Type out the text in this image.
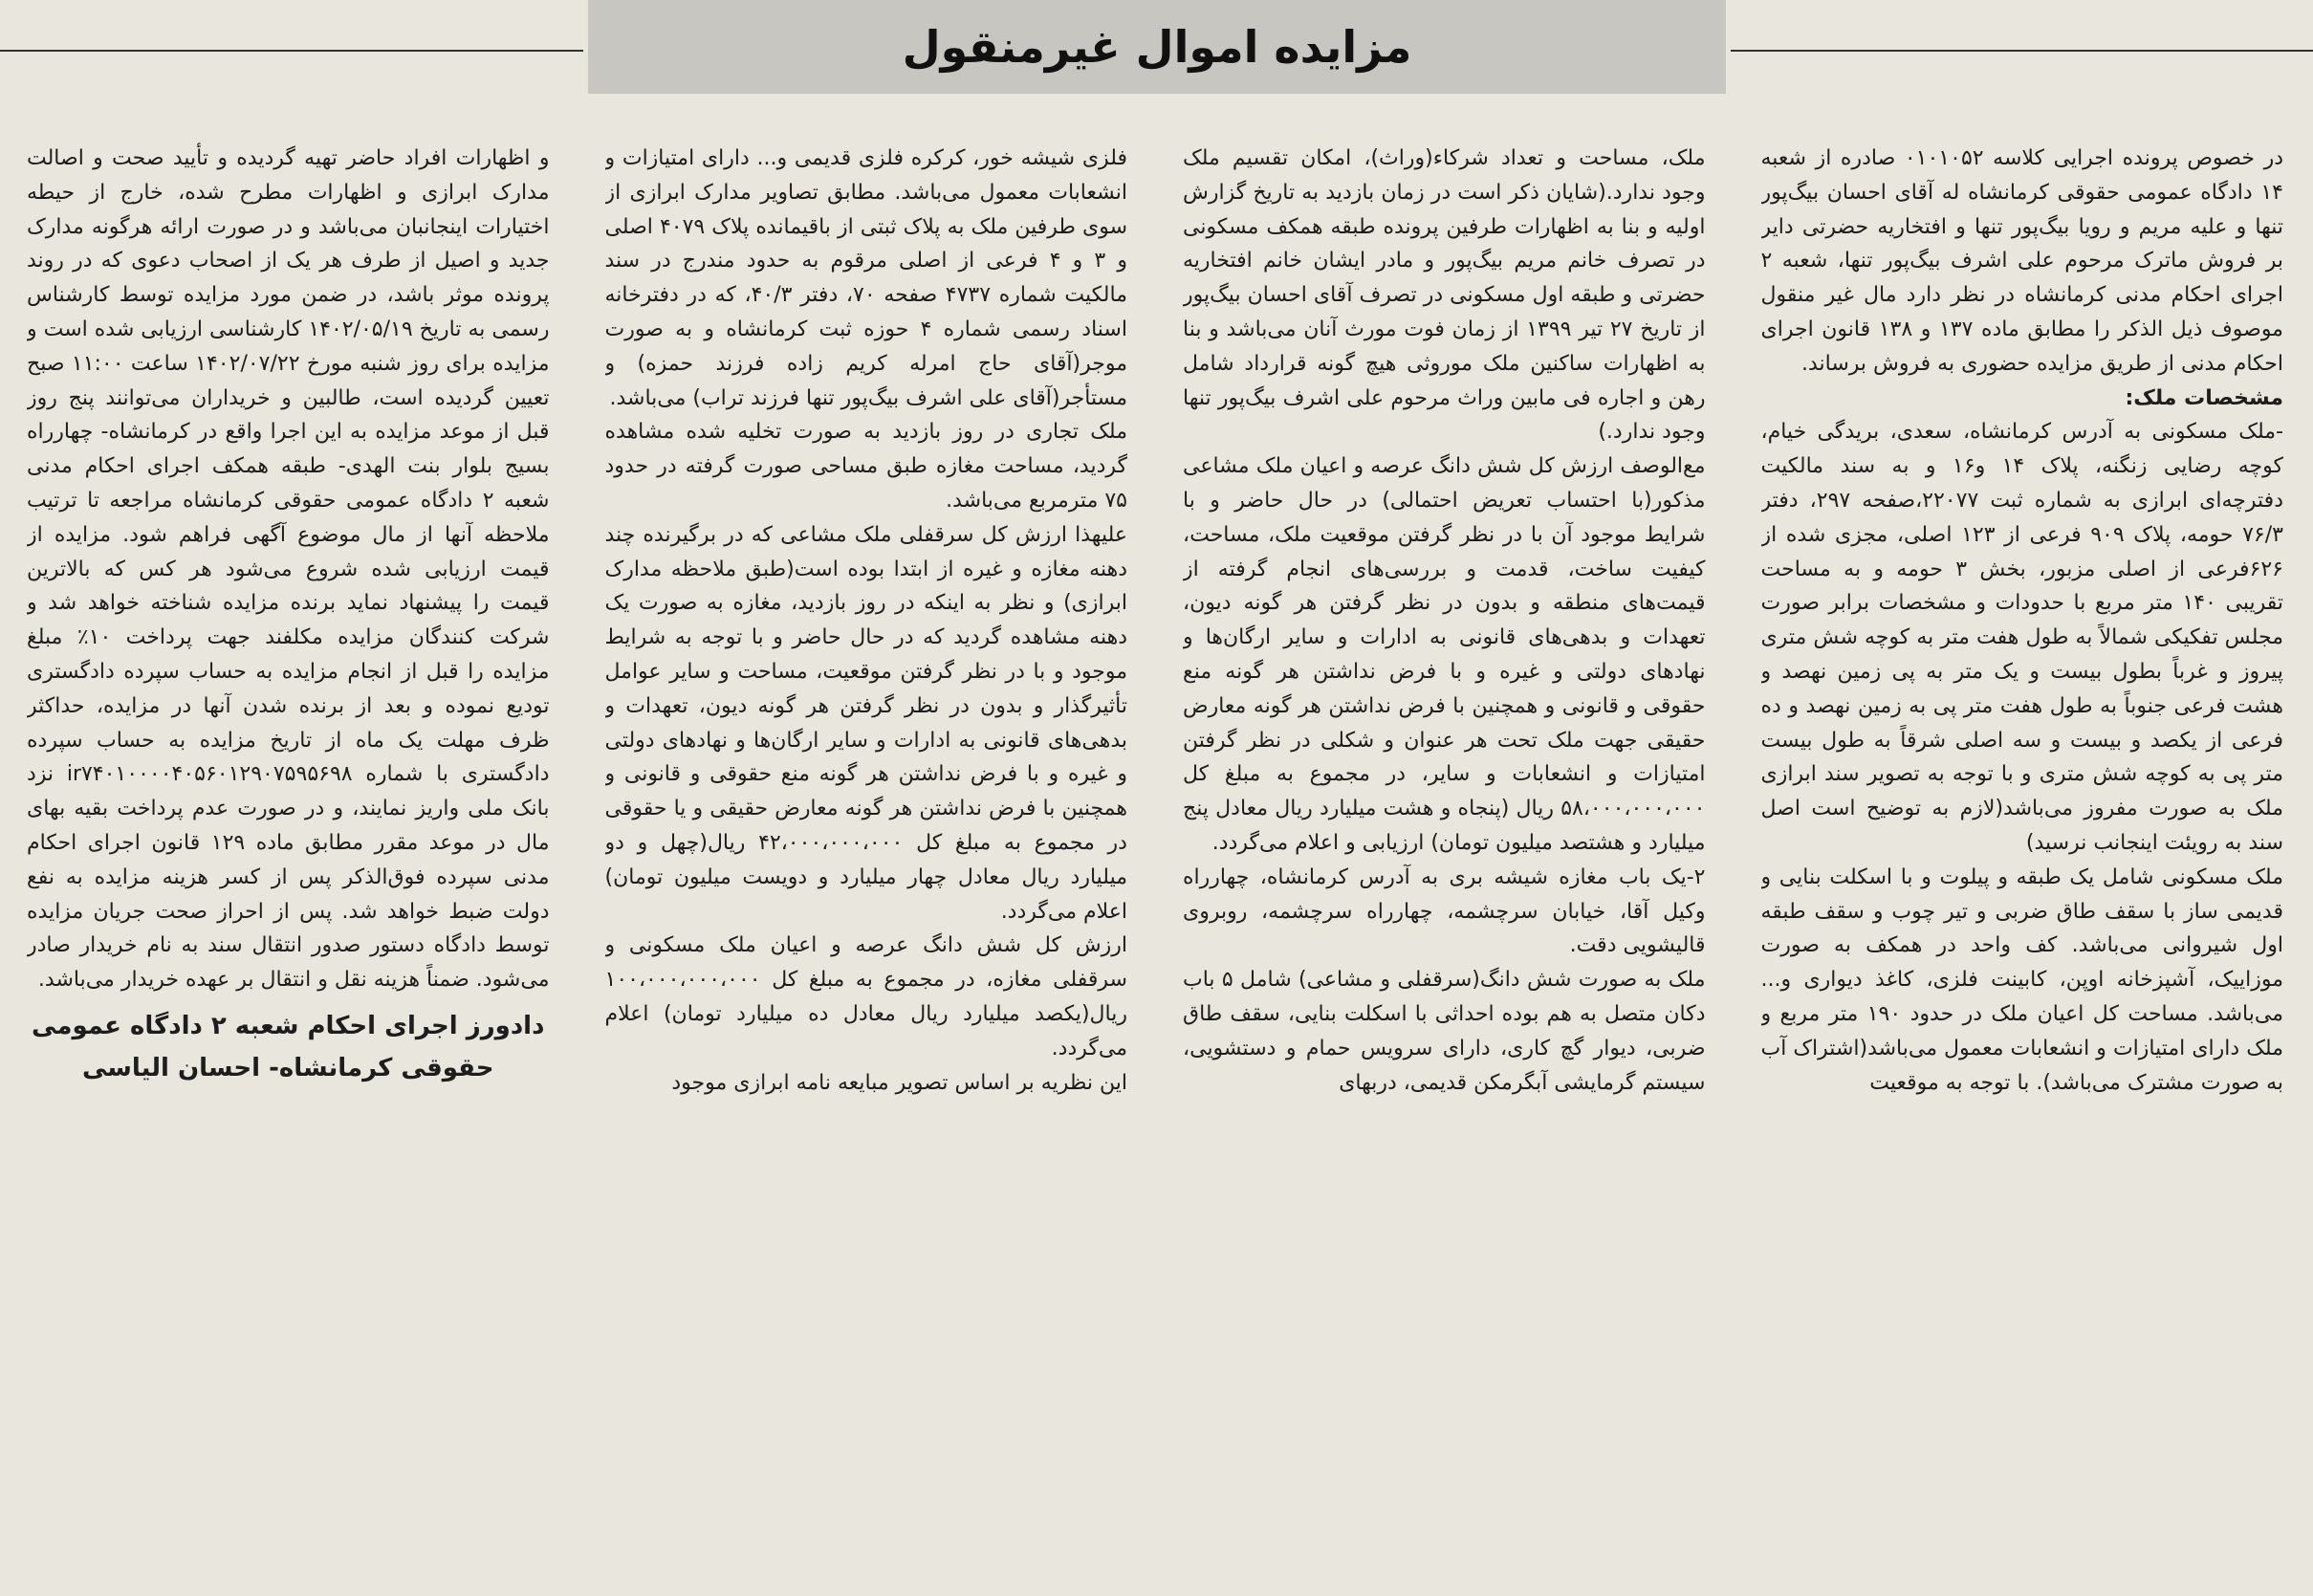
مزایده اموال غیرمنقول

در خصوص پرونده اجرایی کلاسه ۰۱۰۱۰۵۲ صادره از شعبه ۱۴ دادگاه عمومی حقوقی کرمانشاه له آقای احسان بیگ‌پور تنها و علیه مریم و رویا بیگ‌پور تنها و افتخاریه حضرتی دایر بر فروش ماترک مرحوم علی اشرف بیگ‌پور تنها، شعبه ۲ اجرای احکام مدنی کرمانشاه در نظر دارد مال غیر منقول موصوف ذیل الذکر را مطابق ماده ۱۳۷ و ۱۳۸ قانون اجرای احکام مدنی از طریق مزایده حضوری به فروش برساند.

مشخصات ملک:

-ملک مسکونی به آدرس کرمانشاه، سعدی، بریدگی خیام، کوچه رضایی زنگنه، پلاک ۱۴ و۱۶ و به سند مالکیت دفترچه‌ای ابرازی به شماره ثبت ۲۲۰۷۷،صفحه ۲۹۷، دفتر ۷۶/۳ حومه، پلاک ۹۰۹ فرعی از ۱۲۳ اصلی، مجزی شده از ۶۲۶فرعی از اصلی مزبور، بخش ۳ حومه و به مساحت تقریبی ۱۴۰ متر مربع با حدودات و مشخصات برابر صورت مجلس تفکیکی شمالاً به طول هفت متر به کوچه شش متری پیروز و غرباً بطول بیست و یک متر به پی زمین نهصد و هشت فرعی جنوباً به طول هفت متر پی به زمین نهصد و ده فرعی از یکصد و بیست و سه اصلی شرقاً به طول بیست متر پی به کوچه شش متری و با توجه به تصویر سند ابرازی ملک به صورت مفروز می‌باشد(لازم به توضیح است اصل سند به رویئت اینجانب نرسید)

ملک مسکونی شامل یک طبقه و پیلوت و با اسکلت بنایی و قدیمی ساز با سقف طاق ضربی و تیر چوب و سقف طبقه اول شیروانی می‌باشد. کف واحد در همکف به صورت موزاییک، آشپزخانه اوپن، کابینت فلزی، کاغذ دیواری و... می‌باشد. مساحت کل اعیان ملک در حدود ۱۹۰ متر مربع و ملک دارای امتیازات و انشعابات معمول می‌باشد(اشتراک آب به صورت مشترک می‌باشد). با توجه به موقعیت

ملک، مساحت و تعداد شرکاء(وراث)، امکان تقسیم ملک وجود ندارد.(شایان ذکر است در زمان بازدید به تاریخ گزارش اولیه و بنا به اظهارات طرفین پرونده طبقه همکف مسکونی در تصرف خانم مریم بیگ‌پور و مادر ایشان خانم افتخاریه حضرتی و طبقه اول مسکونی در تصرف آقای احسان بیگ‌پور از تاریخ ۲۷ تیر ۱۳۹۹ از زمان فوت مورث آنان می‌باشد و بنا به اظهارات ساکنین ملک موروثی هیچ گونه قرارداد شامل رهن و اجاره فی مابین وراث مرحوم علی اشرف بیگ‌پور تنها وجود ندارد.)

مع‌الوصف ارزش کل شش دانگ عرصه و اعیان ملک مشاعی مذکور(با احتساب تعریض احتمالی) در حال حاضر و با شرایط موجود آن با در نظر گرفتن موقعیت ملک، مساحت، کیفیت ساخت، قدمت و بررسی‌های انجام گرفته از قیمت‌های منطقه و بدون در نظر گرفتن هر گونه دیون، تعهدات و بدهی‌های قانونی به ادارات و سایر ارگان‌ها و نهادهای دولتی و غیره و با فرض نداشتن هر گونه منع حقوقی و قانونی و همچنین با فرض نداشتن هر گونه معارض حقیقی جهت ملک تحت هر عنوان و شکلی در نظر گرفتن امتیازات و انشعابات و سایر، در مجموع به مبلغ کل ۵۸،۰۰۰،۰۰۰،۰۰۰ ریال (پنجاه و هشت میلیارد ریال معادل پنج میلیارد و هشتصد میلیون تومان) ارزیابی و اعلام می‌گردد.

۲-یک باب مغازه شیشه بری به آدرس کرمانشاه، چهارراه وکیل آقا، خیابان سرچشمه، چهارراه سرچشمه، روبروی قالیشویی دقت.

ملک به صورت شش دانگ(سرقفلی و مشاعی) شامل ۵ باب دکان متصل به هم بوده احداثی با اسکلت بنایی، سقف طاق ضربی، دیوار گچ کاری، دارای سرویس حمام و دستشویی، سیستم گرمایشی آبگرمکن قدیمی، دربهای

فلزی شیشه خور، کرکره فلزی قدیمی و... دارای امتیازات و انشعابات معمول می‌باشد. مطابق تصاویر مدارک ابرازی از سوی طرفین ملک به پلاک ثبتی از باقیمانده پلاک ۴۰۷۹ اصلی و ۳ و ۴ فرعی از اصلی مرقوم به حدود مندرج در سند مالکیت شماره ۴۷۳۷ صفحه ۷۰، دفتر ۴۰/۳، که در دفترخانه اسناد رسمی شماره ۴ حوزه ثبت کرمانشاه و به صورت موجر(آقای حاج امرله کریم زاده فرزند حمزه) و مستأجر(آقای علی اشرف بیگ‌پور تنها فرزند تراب) می‌باشد.

ملک تجاری در روز بازدید به صورت تخلیه شده مشاهده گردید، مساحت مغازه طبق مساحی صورت گرفته در حدود ۷۵ مترمربع می‌باشد.

علیهذا ارزش کل سرقفلی ملک مشاعی که در برگیرنده چند دهنه مغازه و غیره از ابتدا بوده است(طبق ملاحظه مدارک ابرازی) و نظر به اینکه در روز بازدید، مغازه به صورت یک دهنه مشاهده گردید که در حال حاضر و با توجه به شرایط موجود و با در نظر گرفتن موقعیت، مساحت و سایر عوامل تأثیرگذار و بدون در نظر گرفتن هر گونه دیون، تعهدات و بدهی‌های قانونی به ادارات و سایر ارگان‌ها و نهادهای دولتی و غیره و با فرض نداشتن هر گونه منع حقوقی و قانونی و همچنین با فرض نداشتن هر گونه معارض حقیقی و یا حقوقی در مجموع به مبلغ کل ۴۲،۰۰۰،۰۰۰،۰۰۰ ریال(چهل و دو میلیارد ریال معادل چهار میلیارد و دویست میلیون تومان) اعلام می‌گردد.

ارزش کل شش دانگ عرصه و اعیان ملک مسکونی و سرقفلی مغازه، در مجموع به مبلغ کل ۱۰۰،۰۰۰،۰۰۰،۰۰۰ ریال(یکصد میلیارد ریال معادل ده میلیارد تومان) اعلام می‌گردد.

این نظریه بر اساس تصویر مبایعه نامه ابرازی موجود

و اظهارات افراد حاضر تهیه گردیده و تأیید صحت و اصالت مدارک ابرازی و اظهارات مطرح شده، خارج از حیطه اختیارات اینجانبان می‌باشد و در صورت ارائه هرگونه مدارک جدید و اصیل از طرف هر یک از اصحاب دعوی که در روند پرونده موثر باشد، در ضمن مورد مزایده توسط کارشناس رسمی به تاریخ ۱۴۰۲/۰۵/۱۹ کارشناسی ارزیابی شده است و مزایده برای روز شنبه مورخ ۱۴۰۲/۰۷/۲۲ ساعت ۱۱:۰۰ صبح تعیین گردیده است، طالبین و خریداران می‌توانند پنج روز قبل از موعد مزایده به این اجرا واقع در کرمانشاه- چهارراه بسیج بلوار بنت الهدی- طبقه همکف اجرای احکام مدنی شعبه ۲ دادگاه عمومی حقوقی کرمانشاه مراجعه تا ترتیب ملاحظه آنها از مال موضوع آگهی فراهم شود. مزایده از قیمت ارزیابی شده شروع می‌شود هر کس که بالاترین قیمت را پیشنهاد نماید برنده مزایده شناخته خواهد شد و شرکت کنندگان مزایده مکلفند جهت پرداخت ۱۰٪ مبلغ مزایده را قبل از انجام مزایده به حساب سپرده دادگستری تودیع نموده و بعد از برنده شدن آنها در مزایده، حداکثر ظرف مهلت یک ماه از تاریخ مزایده به حساب سپرده دادگستری با شماره ir۷۴۰۱۰۰۰۰۴۰۵۶۰۱۲۹۰۷۵۹۵۶۹۸ نزد بانک ملی واریز نمایند، و در صورت عدم پرداخت بقیه بهای مال در موعد مقرر مطابق ماده ۱۲۹ قانون اجرای احکام مدنی سپرده فوق‌الذکر پس از کسر هزینه مزایده به نفع دولت ضبط خواهد شد. پس از احراز صحت جریان مزایده توسط دادگاه دستور صدور انتقال سند به نام خریدار صادر می‌شود. ضمناً هزینه نقل و انتقال بر عهده خریدار می‌باشد.

دادورز اجرای احکام شعبه ۲ دادگاه عمومی
حقوقی کرمانشاه- احسان الیاسی
